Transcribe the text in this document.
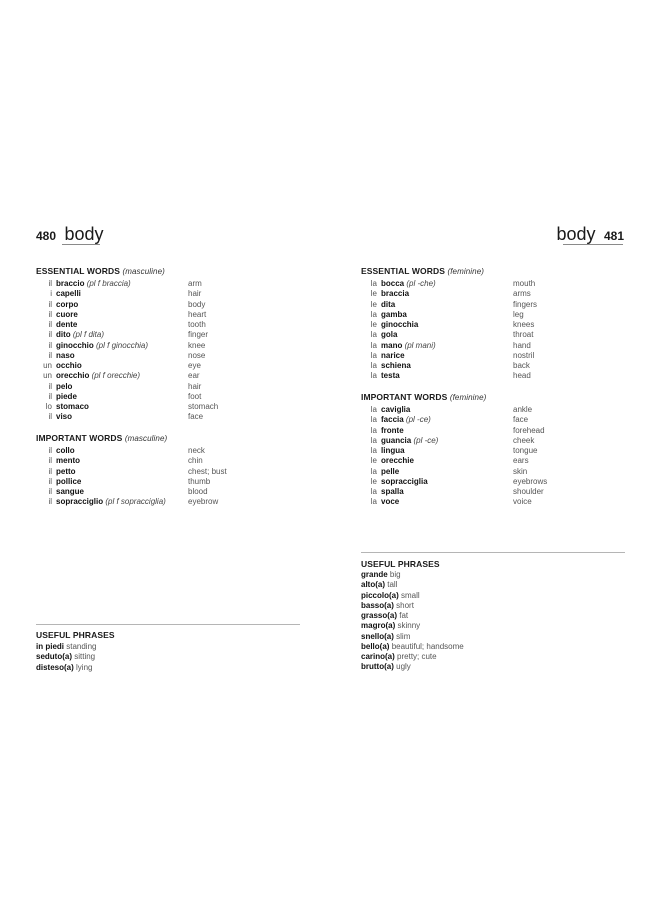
480 body
ESSENTIAL WORDS (masculine)
il braccio (pl f braccia)	arm
i capelli	hair
il corpo	body
il cuore	heart
il dente	tooth
il dito (pl f dita)	finger
il ginocchio (pl f ginocchia)	knee
il naso	nose
un occhio	eye
un orecchio (pl f orecchie)	ear
il pelo	hair
il piede	foot
lo stomaco	stomach
il viso	face
IMPORTANT WORDS (masculine)
il collo	neck
il mento	chin
il petto	chest; bust
il pollice	thumb
il sangue	blood
il sopracciglio (pl f sopracciglia)	eyebrow
USEFUL PHRASES
in piedi standing
seduto(a) sitting
disteso(a) lying
body 481
ESSENTIAL WORDS (feminine)
la bocca (pl -che)	mouth
le braccia	arms
le dita	fingers
la gamba	leg
le ginocchia	knees
la gola	throat
la mano (pl mani)	hand
la narice	nostril
la schiena	back
la testa	head
IMPORTANT WORDS (feminine)
la caviglia	ankle
la faccia (pl -ce)	face
la fronte	forehead
la guancia (pl -ce)	cheek
la lingua	tongue
le orecchie	ears
la pelle	skin
le sopracciglia	eyebrows
la spalla	shoulder
la voce	voice
USEFUL PHRASES
grande big
alto(a) tall
piccolo(a) small
basso(a) short
grasso(a) fat
magro(a) skinny
snello(a) slim
bello(a) beautiful; handsome
carino(a) pretty; cute
brutto(a) ugly
